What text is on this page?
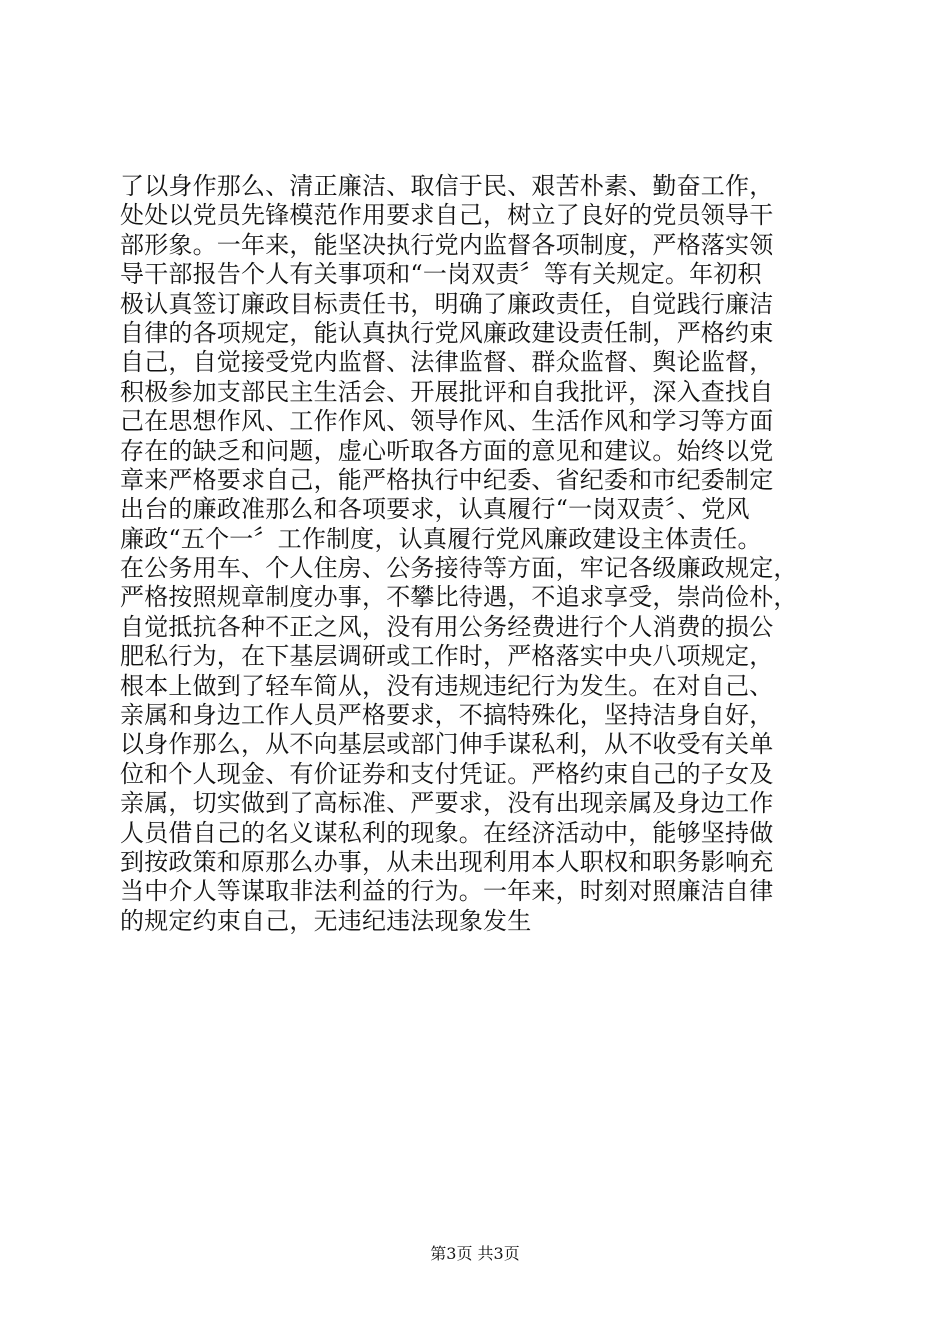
了以身作那么、清正廉洁、取信于民、艰苦朴素、勤奋工作，
处处以党员先锋模范作用要求自己，树立了良好的党员领导干
部形象。一年来，能坚决执行党内监督各项制度，严格落实领
导干部报告个人有关事项和“一岗双责〞等有关规定。年初积
极认真签订廉政目标责任书，明确了廉政责任，自觉践行廉洁
自律的各项规定，能认真执行党风廉政建设责任制，严格约束
自己，自觉接受党内监督、法律监督、群众监督、舆论监督，
积极参加支部民主生活会、开展批评和自我批评，深入查找自
己在思想作风、工作作风、领导作风、生活作风和学习等方面
存在的缺乏和问题，虚心听取各方面的意见和建议。始终以党
章来严格要求自己，能严格执行中纪委、省纪委和市纪委制定
出台的廉政准那么和各项要求，认真履行“一岗双责〞、党风
廉政“五个一〞工作制度，认真履行党风廉政建设主体责任。
在公务用车、个人住房、公务接待等方面，牢记各级廉政规定，
严格按照规章制度办事，不攀比待遇，不追求享受，崇尚俭朴，
自觉抵抗各种不正之风，没有用公务经费进行个人消费的损公
肥私行为，在下基层调研或工作时，严格落实中央八项规定，
根本上做到了轻车简从，没有违规违纪行为发生。在对自己、
亲属和身边工作人员严格要求，不搞特殊化，坚持洁身自好，
以身作那么，从不向基层或部门伸手谋私利，从不收受有关单
位和个人现金、有价证券和支付凭证。严格约束自己的子女及
亲属，切实做到了高标准、严要求，没有出现亲属及身边工作
人员借自己的名义谋私利的现象。在经济活动中，能够坚持做
到按政策和原那么办事，从未出现利用本人职权和职务影响充
当中介人等谋取非法利益的行为。一年来，时刻对照廉洁自律
的规定约束自己，无违纪违法现象发生
第3页 共3页
